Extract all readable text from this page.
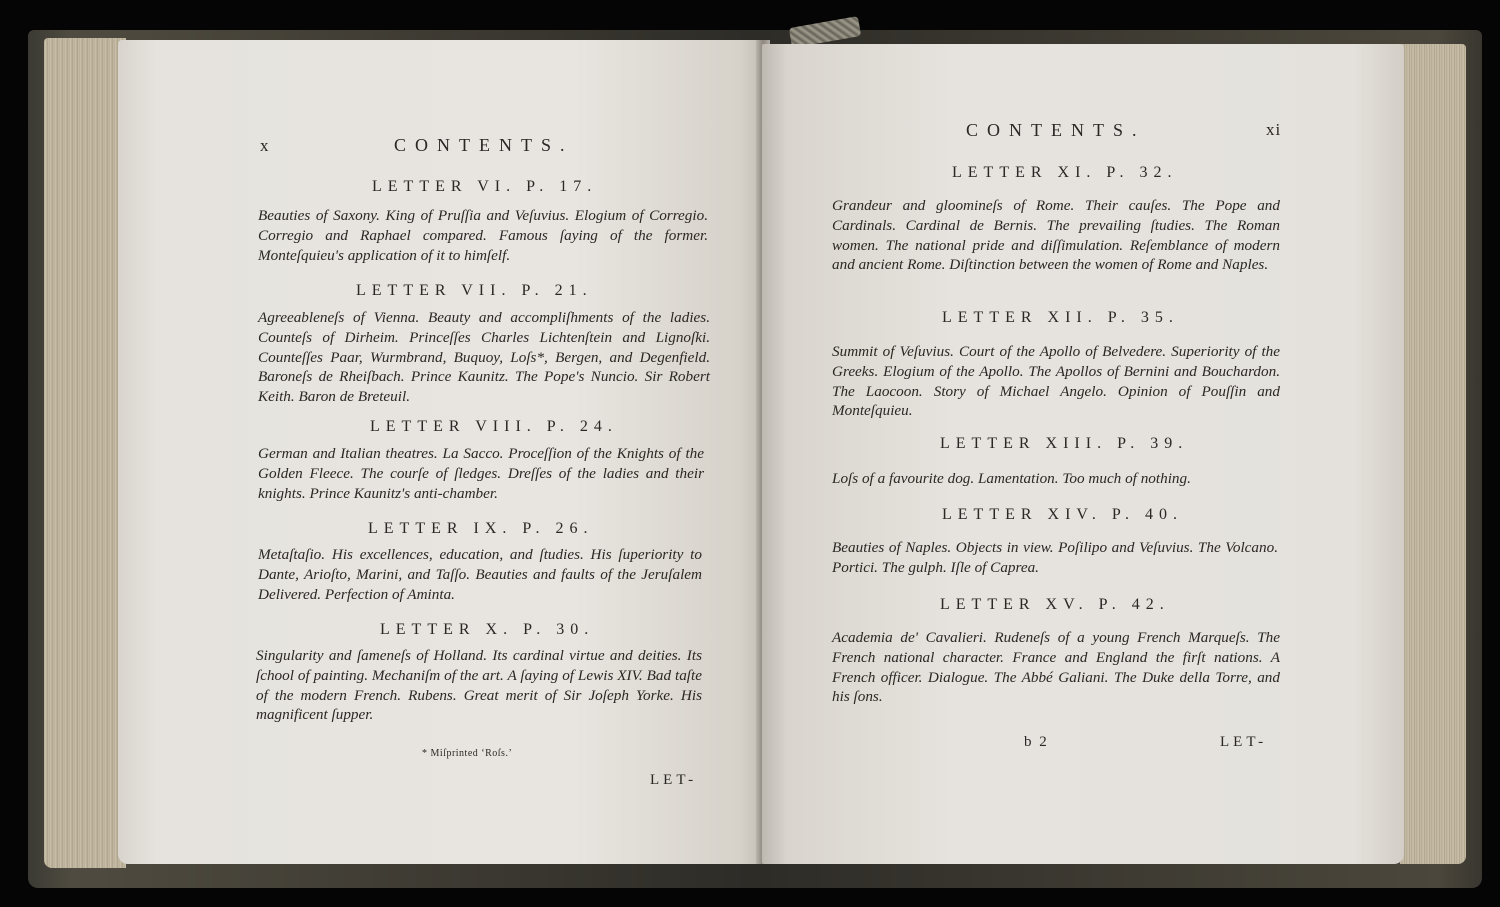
x	CONTENTS.
LETTER VI. P. 17.
Beauties of Saxony. King of Pruſſia and Veſuvius. Elogium of Corregio. Corregio and Raphael compared. Famous ſaying of the former. Monteſquieu's application of it to himſelf.
LETTER VII. P. 21.
Agreeableneſs of Vienna. Beauty and accompliſhments of the ladies. Counteſs of Dirheim. Princeſſes Charles Lichtenſtein and Lignoſki. Counteſſes Paar, Wurmbrand, Buquoy, Loſs*, Bergen, and Degenfield. Baroneſs de Rheiſbach. Prince Kaunitz. The Pope's Nuncio. Sir Robert Keith. Baron de Breteuil.
LETTER VIII. P. 24.
German and Italian theatres. La Sacco. Proceſſion of the Knights of the Golden Fleece. The courſe of ſledges. Dreſſes of the ladies and their knights. Prince Kaunitz's anti-chamber.
LETTER IX. P. 26.
Metaſtaſio. His excellences, education, and ſtudies. His ſuperiority to Dante, Arioſto, Marini, and Taſſo. Beauties and faults of the Jeruſalem Delivered. Perfection of Aminta.
LETTER X. P. 30.
Singularity and ſameneſs of Holland. Its cardinal virtue and deities. Its ſchool of painting. Mechaniſm of the art. A ſaying of Lewis XIV. Bad taſte of the modern French. Rubens. Great merit of Sir Joſeph Yorke. His magnificent ſupper.
* Miſprinted ‘Roſs.’
LET-
CONTENTS.	xi
LETTER XI. P. 32.
Grandeur and gloomineſs of Rome. Their cauſes. The Pope and Cardinals. Cardinal de Bernis. The prevailing ſtudies. The Roman women. The national pride and diſſimulation. Reſemblance of modern and ancient Rome. Diſtinction between the women of Rome and Naples.
LETTER XII. P. 35.
Summit of Veſuvius. Court of the Apollo of Belvedere. Superiority of the Greeks. Elogium of the Apollo. The Apollos of Bernini and Bouchardon. The Laocoon. Story of Michael Angelo. Opinion of Pouſſin and Monteſquieu.
LETTER XIII. P. 39.
Loſs of a favourite dog. Lamentation. Too much of nothing.
LETTER XIV. P. 40.
Beauties of Naples. Objects in view. Poſilipo and Veſuvius. The Volcano. Portici. The gulph. Iſle of Caprea.
LETTER XV. P. 42.
Academia de' Cavalieri. Rudeneſs of a young French Marqueſs. The French national character. France and England the firſt nations. A French officer. Dialogue. The Abbé Galiani. The Duke della Torre, and his ſons.
b 2	LET-
